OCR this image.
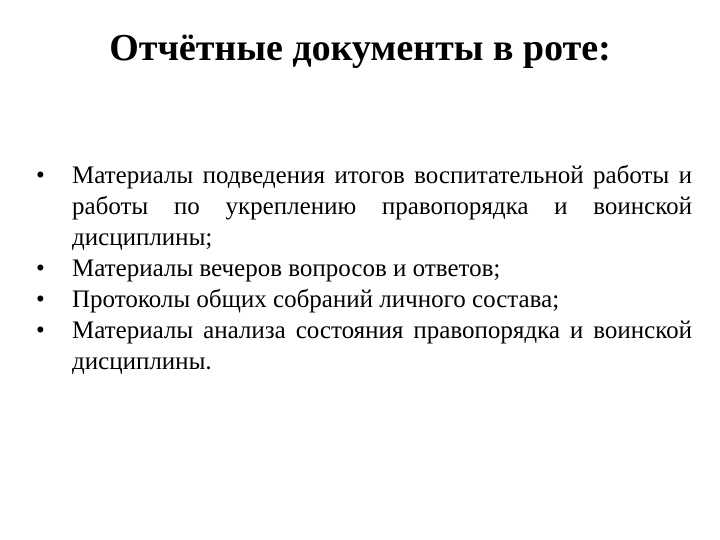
Отчётные документы в роте:
•	Материалы подведения итогов воспитательной работы и работы по укреплению правопорядка и воинской дисциплины;
•	Материалы вечеров вопросов и ответов;
•	Протоколы общих собраний личного состава;
•	Материалы анализа состояния правопорядка и воинской дисциплины.
